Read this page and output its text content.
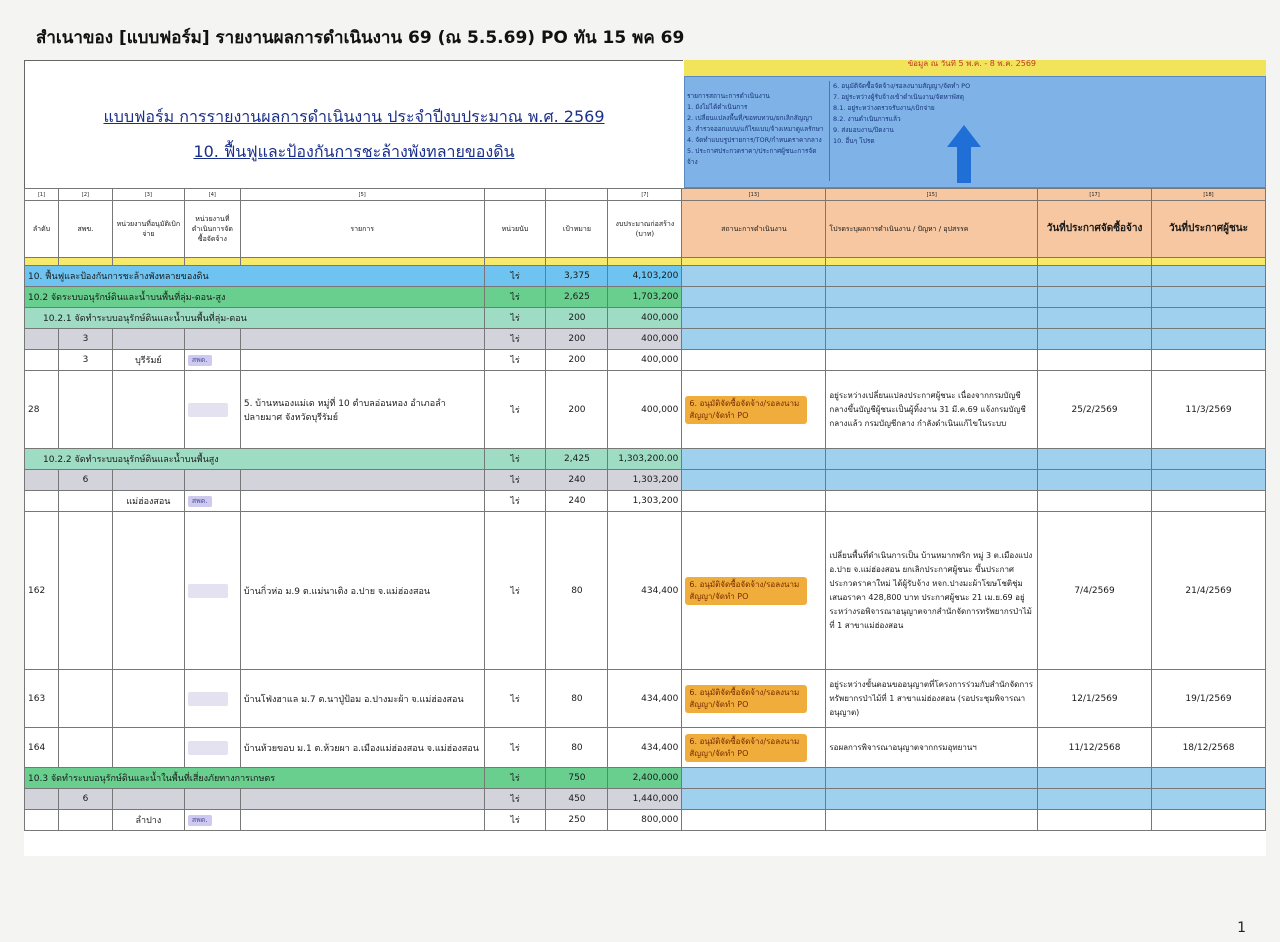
สำเนาของ [แบบฟอร์ม] รายงานผลการดำเนินงาน 69 (ณ 5.5.69) PO ทัน 15 พค 69
แบบฟอร์ม การรายงานผลการดำเนินงาน ประจำปีงบประมาณ พ.ศ. 2569
10. ฟื้นฟูและป้องกันการชะล้างพังทลายของดิน
ข้อมูล ณ วันที่ 5 พ.ค. - 8 พ.ค. 2569
รายการสถานะการดำเนินงาน
1. ยังไม่ได้ดำเนินการ
2. เปลี่ยนแปลงพื้นที่/ขอทบทวน/ยกเลิกสัญญา
3. สำรวจออกแบบ/แก้ไขแบบ/จ้างเหมาดูแลรักษา
4. จัดทำแบบรูปรายการ/TOR/กำหนดราคากลาง
5. ประกาศประกวดราคา/ประกาศผู้ชนะการจัดจ้าง
6. อนุมัติจัดซื้อจัดจ้าง/รอลงนามสัญญา/จัดทำ PO
7. อยู่ระหว่างผู้รับจ้างเข้าดำเนินงาน/จัดหาพัสดุ
8.1. อยู่ระหว่างตรวจรับงาน/เบิกจ่าย
8.2. งานดำเนินการแล้ว
9. ส่งมอบงาน/ปิดงาน
10. อื่นๆ โปรด
[1]	[2]	[3]	[4]	[5]			[7]	[13]	[15]	[17]	[18]
ลำดับ	สพข.	หน่วยงานที่อนุมัติเบิกจ่าย	หน่วยงานที่ดำเนินการจัดซื้อจัดจ้าง	รายการ	หน่วยนับ	เป้าหมาย	งบประมาณก่อสร้าง (บาท)	สถานะการดำเนินงาน	โปรดระบุผลการดำเนินงาน / ปัญหา / อุปสรรค	วันที่ประกาศจัดซื้อจ้าง	วันที่ประกาศผู้ชนะ

10. ฟื้นฟูและป้องกันการชะล้างพังทลายของดิน					ไร่	3,375	4,103,200				
10.2 จัดระบบอนุรักษ์ดินและน้ำบนพื้นที่ลุ่ม-ดอน-สูง					ไร่	2,625	1,703,200				
10.2.1 จัดทำระบบอนุรักษ์ดินและน้ำบนพื้นที่ลุ่ม-ดอน					ไร่	200	400,000				
	3				ไร่	200	400,000				
	3	บุรีรัมย์	สพด.		ไร่	200	400,000				
28				5. บ้านหนองแม่เด หมู่ที่ 10 ตำบลอ่อนหอง อำเภอลำปลายมาศ จังหวัดบุรีรัมย์	ไร่	200	400,000	6. อนุมัติจัดซื้อจัดจ้าง/รอลงนามสัญญา/จัดทำ PO	อยู่ระหว่างเปลี่ยนแปลงประกาศผู้ชนะ เนื่องจากกรมบัญชีกลางขึ้นบัญชีผู้ชนะเป็นผู้ทิ้งงาน 31 มี.ค.69 แจ้งกรมบัญชีกลางแล้ว กรมบัญชีกลาง กำลังดำเนินแก้ไขในระบบ	25/2/2569	11/3/2569
10.2.2 จัดทำระบบอนุรักษ์ดินและน้ำบนพื้นสูง					ไร่	2,425	1,303,200.00				
	6				ไร่	240	1,303,200				
		แม่ฮ่องสอน	สพด.		ไร่	240	1,303,200				
162				บ้านกิ่วห่อ ม.9 ต.แม่นาเติง อ.ปาย จ.แม่ฮ่องสอน	ไร่	80	434,400	6. อนุมัติจัดซื้อจัดจ้าง/รอลงนามสัญญา/จัดทำ PO	เปลี่ยนพื้นที่ดำเนินการเป็น บ้านหมากพริก หมู่ 3 ต.เมืองแปง อ.ปาย จ.แม่ฮ่องสอน ยกเลิกประกาศผู้ชนะ ขึ้นประกาศประกวดราคาใหม่ ได้ผู้รับจ้าง หจก.ปางมะผ้าโฆษโชติชุ่ม เสนอราคา 428,800 บาท ประกาศผู้ชนะ 21 เม.ย.69 อยู่ระหว่างรอพิจารณาอนุญาตจากสำนักจัดการทรัพยากรป่าไม้ที่ 1 สาขาแม่ฮ่องสอน	7/4/2569	21/4/2569
163				บ้านโฟ่งฮาแล ม.7 ต.นาปู่ป้อม อ.ปางมะผ้า จ.แม่ฮ่องสอน	ไร่	80	434,400	6. อนุมัติจัดซื้อจัดจ้าง/รอลงนามสัญญา/จัดทำ PO	อยู่ระหว่างขั้นตอนขออนุญาตที่โครงการร่วมกับสำนักจัดการทรัพยากรป่าไม้ที่ 1 สาขาแม่ฮ่องสอน (รอประชุมพิจารณาอนุญาต)	12/1/2569	19/1/2569
164				บ้านห้วยขอบ ม.1 ต.ห้วยผา อ.เมืองแม่ฮ่องสอน จ.แม่ฮ่องสอน	ไร่	80	434,400	6. อนุมัติจัดซื้อจัดจ้าง/รอลงนามสัญญา/จัดทำ PO	รอผลการพิจารณาอนุญาตจากกรมอุทยานฯ	11/12/2568	18/12/2568
10.3 จัดทำระบบอนุรักษ์ดินและน้ำในพื้นที่เสี่ยงภัยทางการเกษตร					ไร่	750	2,400,000				
	6				ไร่	450	1,440,000				
		ลำปาง	สพด.		ไร่	250	800,000				
1
